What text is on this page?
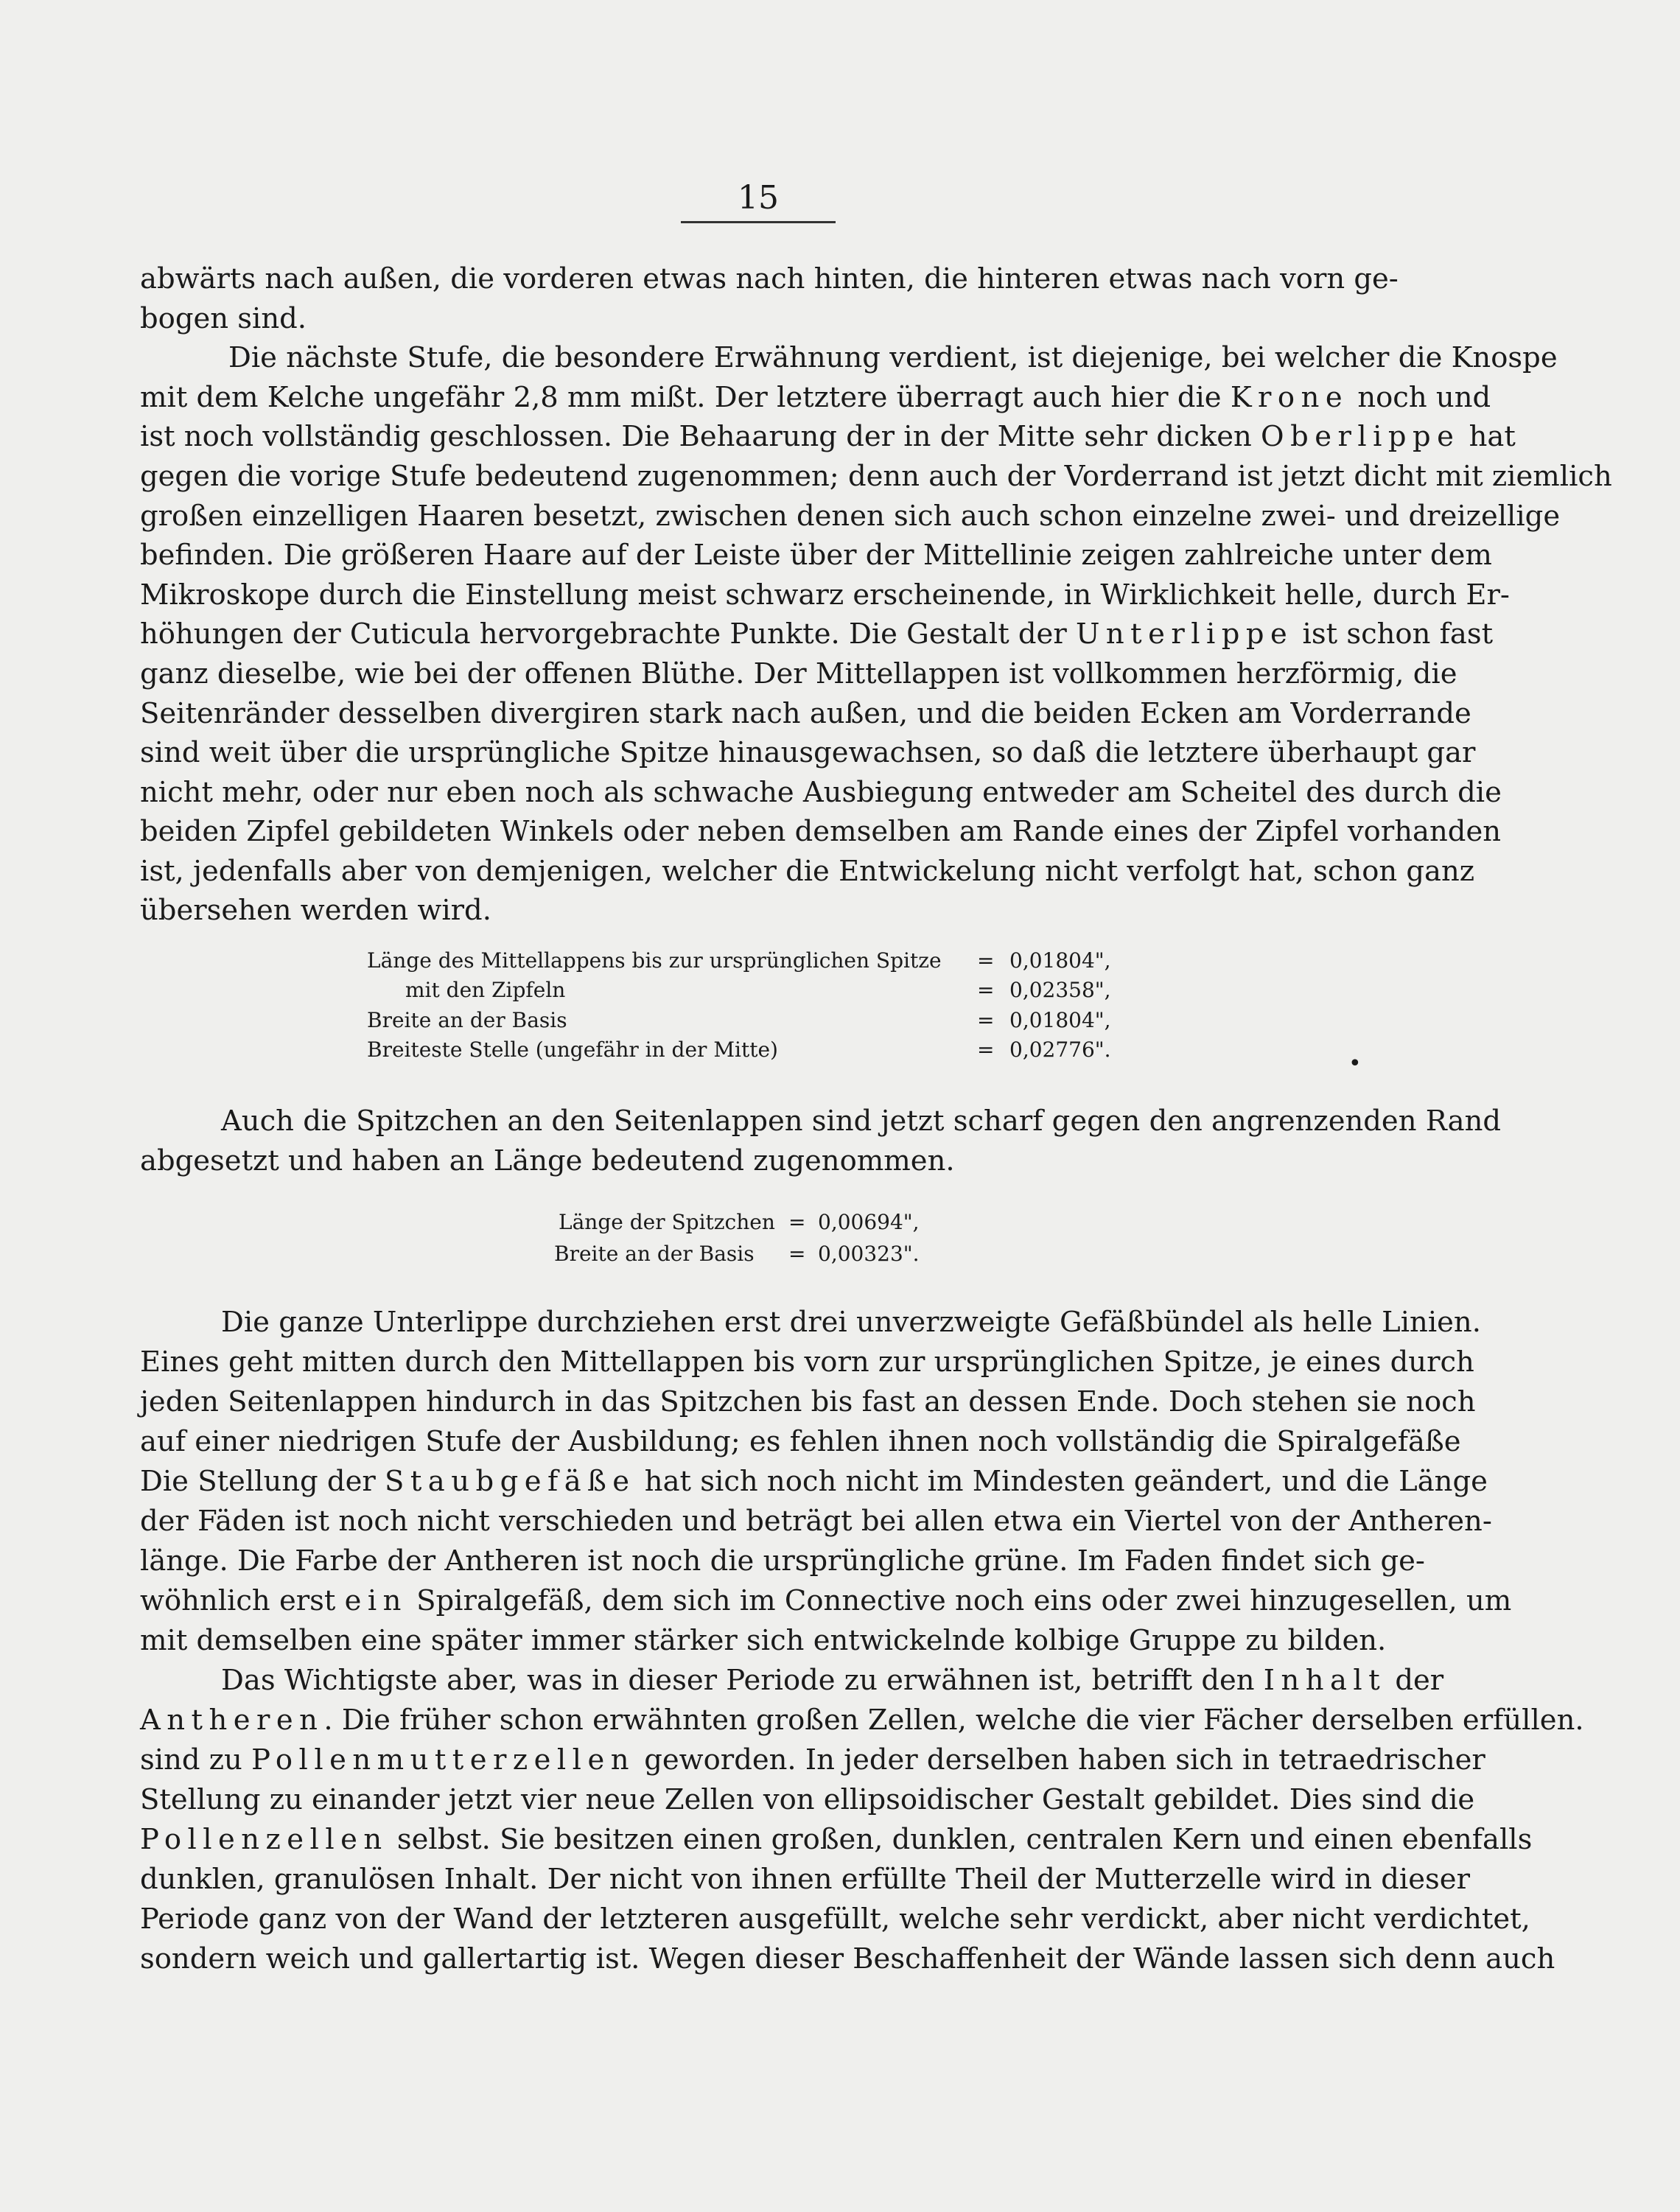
15
abwärts nach außen, die vorderen etwas nach hinten, die hinteren etwas nach vorn ge-
bogen sind.
Die nächste Stufe, die besondere Erwähnung verdient, ist diejenige, bei welcher die Knospe
mit dem Kelche ungefähr 2,8 mm mißt. Der letztere überragt auch hier die Krone noch und
ist noch vollständig geschlossen. Die Behaarung der in der Mitte sehr dicken Oberlippe hat
gegen die vorige Stufe bedeutend zugenommen; denn auch der Vorderrand ist jetzt dicht mit ziemlich
großen einzelligen Haaren besetzt, zwischen denen sich auch schon einzelne zwei- und dreizellige
befinden. Die größeren Haare auf der Leiste über der Mittellinie zeigen zahlreiche unter dem
Mikroskope durch die Einstellung meist schwarz erscheinende, in Wirklichkeit helle, durch Er-
höhungen der Cuticula hervorgebrachte Punkte. Die Gestalt der Unterlippe ist schon fast
ganz dieselbe, wie bei der offenen Blüthe. Der Mittellappen ist vollkommen herzförmig, die
Seitenränder desselben divergiren stark nach außen, und die beiden Ecken am Vorderrande
sind weit über die ursprüngliche Spitze hinausgewachsen, so daß die letztere überhaupt gar
nicht mehr, oder nur eben noch als schwache Ausbiegung entweder am Scheitel des durch die
beiden Zipfel gebildeten Winkels oder neben demselben am Rande eines der Zipfel vorhanden
ist, jedenfalls aber von demjenigen, welcher die Entwickelung nicht verfolgt hat, schon ganz
übersehen werden wird.
Länge des Mittellappens bis zur ursprünglichen Spitze = 0,01804",
mit den Zipfeln	= 0,02358",
Breite an der Basis	= 0,01804",
Breiteste Stelle (ungefähr in der Mitte)	= 0,02776".
•
Auch die Spitzchen an den Seitenlappen sind jetzt scharf gegen den angrenzenden Rand
abgesetzt und haben an Länge bedeutend zugenommen.
Länge der Spitzchen = 0,00694",
Breite an der Basis = 0,00323".
Die ganze Unterlippe durchziehen erst drei unverzweigte Gefäßbündel als helle Linien.
Eines geht mitten durch den Mittellappen bis vorn zur ursprünglichen Spitze, je eines durch
jeden Seitenlappen hindurch in das Spitzchen bis fast an dessen Ende. Doch stehen sie noch
auf einer niedrigen Stufe der Ausbildung; es fehlen ihnen noch vollständig die Spiralgefäße
Die Stellung der Staubgefäße hat sich noch nicht im Mindesten geändert, und die Länge
der Fäden ist noch nicht verschieden und beträgt bei allen etwa ein Viertel von der Antheren-
länge. Die Farbe der Antheren ist noch die ursprüngliche grüne. Im Faden findet sich ge-
wöhnlich erst ein Spiralgefäß, dem sich im Connective noch eins oder zwei hinzugesellen, um
mit demselben eine später immer stärker sich entwickelnde kolbige Gruppe zu bilden.
Das Wichtigste aber, was in dieser Periode zu erwähnen ist, betrifft den Inhalt der
Antheren. Die früher schon erwähnten großen Zellen, welche die vier Fächer derselben erfüllen.
sind zu Pollenmutterzellen geworden. In jeder derselben haben sich in tetraedrischer
Stellung zu einander jetzt vier neue Zellen von ellipsoidischer Gestalt gebildet. Dies sind die
Pollenzellen selbst. Sie besitzen einen großen, dunklen, centralen Kern und einen ebenfalls
dunklen, granulösen Inhalt. Der nicht von ihnen erfüllte Theil der Mutterzelle wird in dieser
Periode ganz von der Wand der letzteren ausgefüllt, welche sehr verdickt, aber nicht verdichtet,
sondern weich und gallertartig ist. Wegen dieser Beschaffenheit der Wände lassen sich denn auch
